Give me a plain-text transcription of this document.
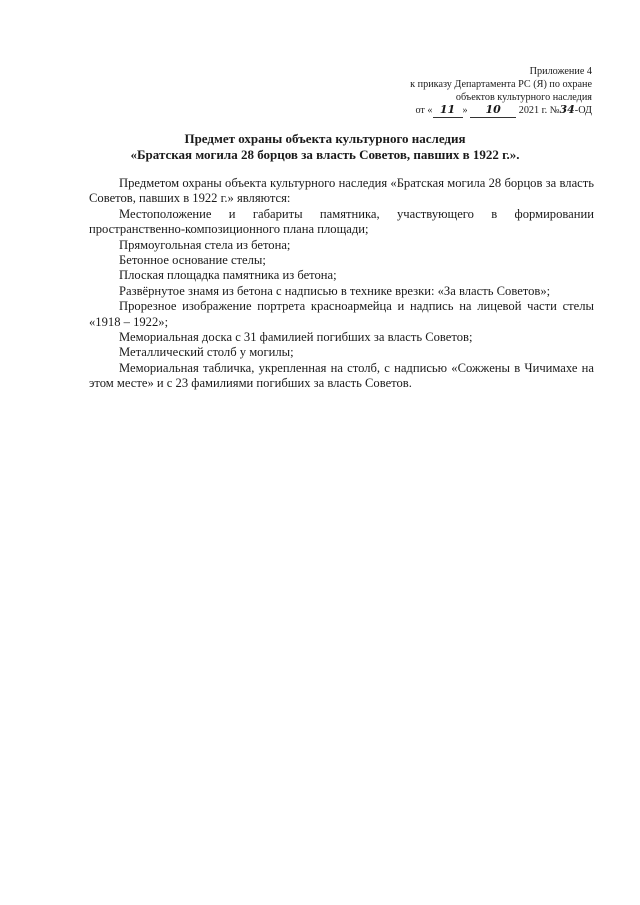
Приложение 4
к приказу Департамента РС (Я) по охране
объектов культурного наследия
от « 11 » 10 2021 г. №34-ОД
Предмет охраны объекта культурного наследия
«Братская могила 28 борцов за власть Советов, павших в 1922 г.».

Предметом охраны объекта культурного наследия «Братская могила 28 борцов за власть Советов, павших в 1922 г.» являются:

Местоположение и габариты памятника, участвующего в формировании пространственно-композиционного плана площади;

Прямоугольная стела из бетона;

Бетонное основание стелы;

Плоская площадка памятника из бетона;

Развёрнутое знамя из бетона с надписью в технике врезки: «За власть Советов»;

Прорезное изображение портрета красноармейца и надпись на лицевой части стелы «1918 – 1922»;

Мемориальная доска с 31 фамилией погибших за власть Советов;

Металлический столб у могилы;

Мемориальная табличка, укрепленная на столб, с надписью «Сожжены в Чичимахе на этом месте» и с 23 фамилиями погибших за власть Советов.
